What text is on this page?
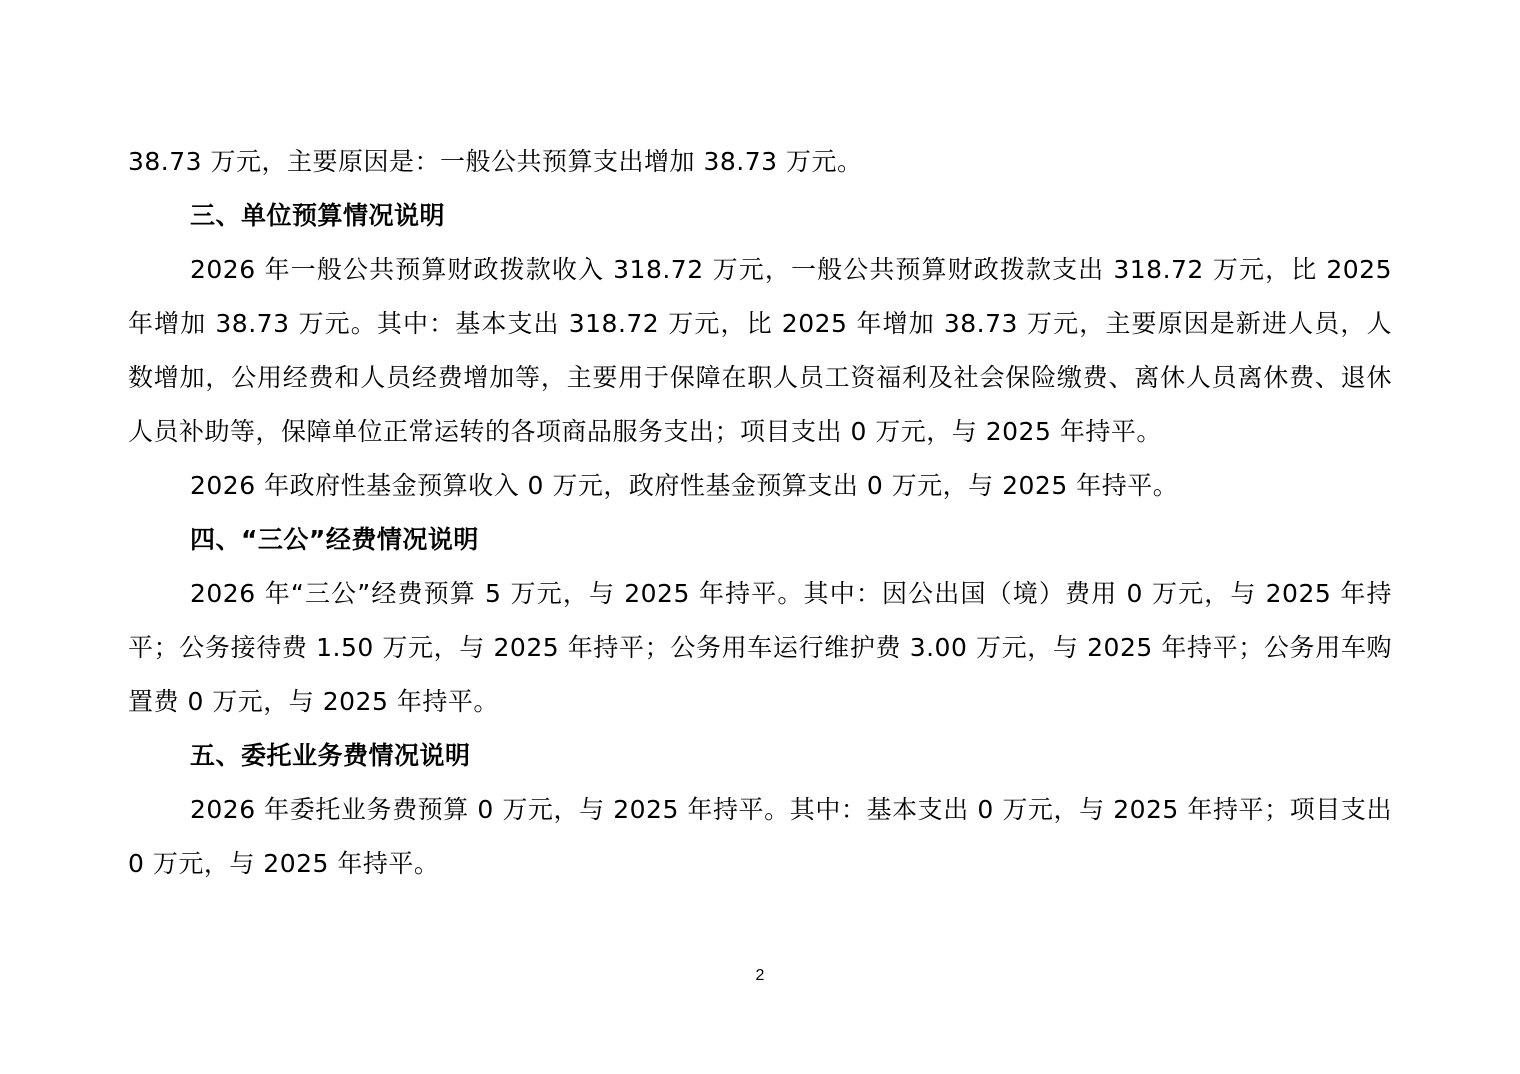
38.73 万元，主要原因是：一般公共预算支出增加 38.73 万元。

三、单位预算情况说明

2026 年一般公共预算财政拨款收入 318.72 万元，一般公共预算财政拨款支出 318.72 万元，比 2025 年增加 38.73 万元。其中：基本支出 318.72 万元，比 2025 年增加 38.73 万元，主要原因是新进人员，人数增加，公用经费和人员经费增加等，主要用于保障在职人员工资福利及社会保险缴费、离休人员离休费、退休人员补助等，保障单位正常运转的各项商品服务支出；项目支出 0 万元，与 2025 年持平。

2026 年政府性基金预算收入 0 万元，政府性基金预算支出 0 万元，与 2025 年持平。

四、“三公”经费情况说明

2026 年“三公”经费预算 5 万元，与 2025 年持平。其中：因公出国（境）费用 0 万元，与 2025 年持平；公务接待费 1.50 万元，与 2025 年持平；公务用车运行维护费 3.00 万元，与 2025 年持平；公务用车购置费 0 万元，与 2025 年持平。

五、委托业务费情况说明

2026 年委托业务费预算 0 万元，与 2025 年持平。其中：基本支出 0 万元，与 2025 年持平；项目支出 0 万元，与 2025 年持平。

2
